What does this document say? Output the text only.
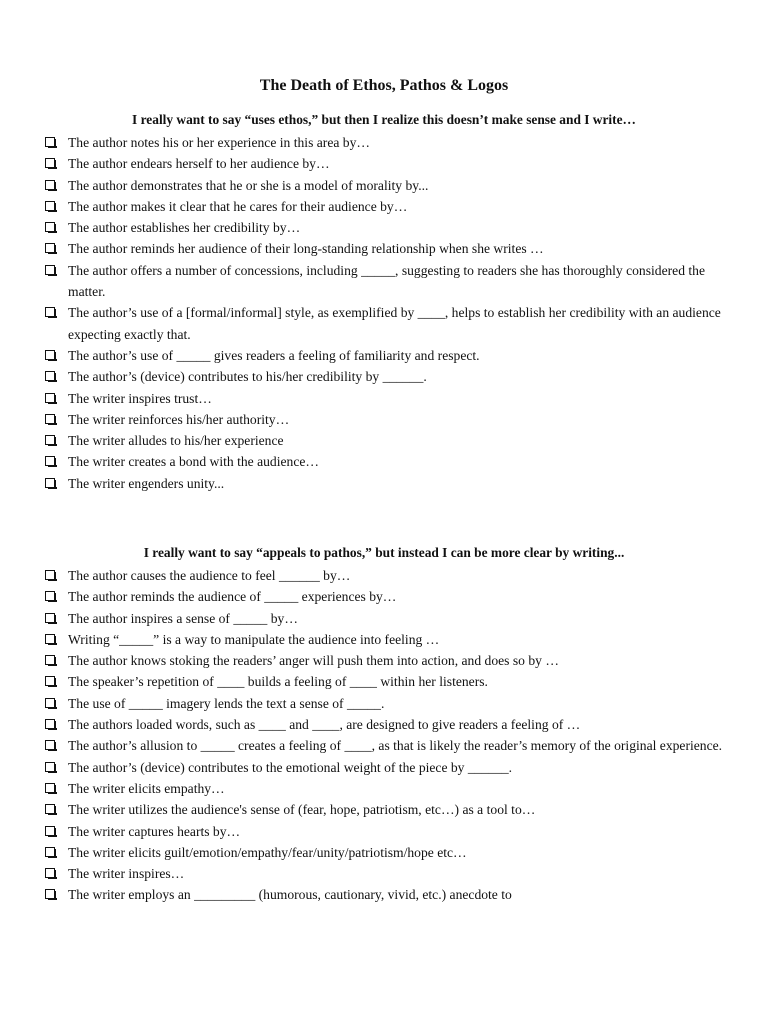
The Death of Ethos, Pathos & Logos
I really want to say “uses ethos,” but then I realize this doesn’t make sense and I write…
The author notes his or her experience in this area by…
The author endears herself to her audience by…
The author demonstrates that he or she is a model of morality by...
The author makes it clear that he cares for their audience by…
The author establishes her credibility by…
The author reminds her audience of their long-standing relationship when she writes …
The author offers a number of concessions, including _____, suggesting to readers she has thoroughly considered the matter.
The author’s use of a [formal/informal] style, as exemplified by ____, helps to establish her credibility with an audience expecting exactly that.
The author’s use of _____ gives readers a feeling of familiarity and respect.
The author’s (device) contributes to his/her credibility by ______.
The writer inspires trust…
The writer reinforces his/her authority…
The writer alludes to his/her experience
The writer creates a bond with the audience…
The writer engenders unity...
I really want to say “appeals to pathos,” but instead I can be more clear by writing...
The author causes the audience to feel ______ by…
The author reminds the audience of _____ experiences by…
The author inspires a sense of _____ by…
Writing “_____” is a way to manipulate the audience into feeling …
The author knows stoking the readers’ anger will push them into action, and does so by …
The speaker’s repetition of ____ builds a feeling of ____ within her listeners.
The use of _____ imagery lends the text a sense of _____.
The authors loaded words, such as ____ and ____, are designed to give readers a feeling of …
The author’s allusion to _____ creates a feeling of ____, as that is likely the reader’s memory of the original experience.
The author’s (device) contributes to the emotional weight of the piece by ______.
The writer elicits empathy…
The writer utilizes the audience's sense of (fear, hope, patriotism, etc…) as a tool to…
The writer captures hearts by…
The writer elicits guilt/emotion/empathy/fear/unity/patriotism/hope etc…
The writer inspires…
The writer employs an _________ (humorous, cautionary, vivid, etc.) anecdote to
